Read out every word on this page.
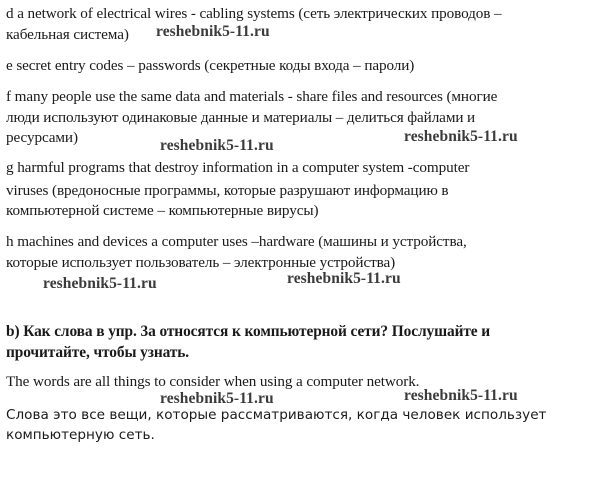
d a network of electrical wires - cabling systems (сеть электрических проводов –
кабельная система)
e secret entry codes – passwords (секретные коды входа – пароли)
f many people use the same data and materials - share files and resources (многие
люди используют одинаковые данные и материалы – делиться файлами и
ресурсами)
g harmful programs that destroy information in a computer system -computer
viruses (вредоносные программы, которые разрушают информацию в
компьютерной системе – компьютерные вирусы)
h machines and devices a computer uses –hardware (машины и устройства,
которые использует пользователь – электронные устройства)
b) Как слова в упр. 3а относятся к компьютерной сети? Послушайте и
прочитайте, чтобы узнать.
The words are all things to consider when using a computer network.
Слова это все вещи, которые рассматриваются, когда человек использует
компьютерную сеть.
reshebnik5-11.ru
reshebnik5-11.ru
reshebnik5-11.ru
reshebnik5-11.ru	reshebnik5-11.ru
reshebnik5-11.ru	reshebnik5-11.ru
